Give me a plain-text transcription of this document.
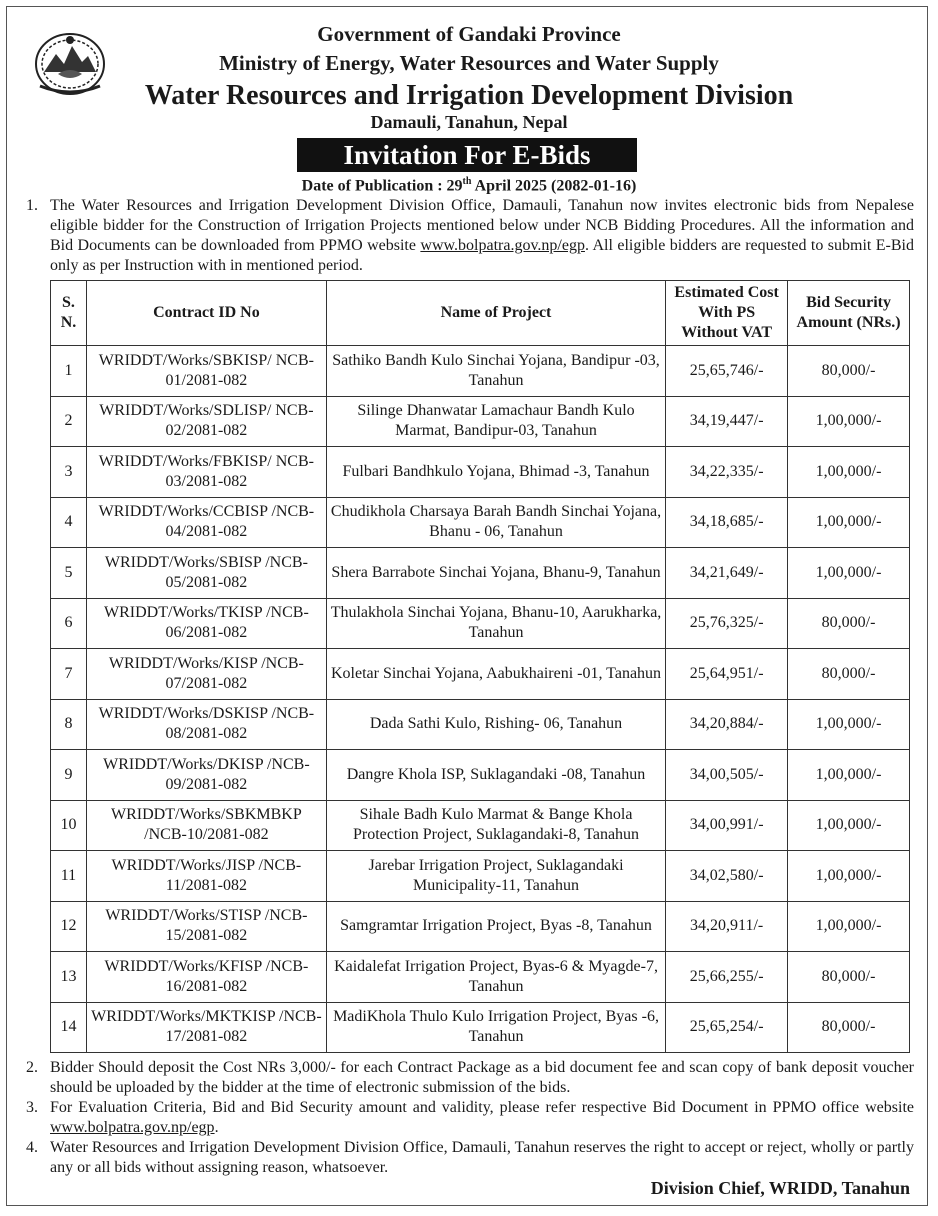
Government of Gandaki Province
Ministry of Energy, Water Resources and Water Supply
Water Resources and Irrigation Development Division
Damauli, Tanahun, Nepal
Invitation For E-Bids
Date of Publication : 29th April 2025 (2082-01-16)
1. The Water Resources and Irrigation Development Division Office, Damauli, Tanahun now invites electronic bids from Nepalese eligible bidder for the Construction of Irrigation Projects mentioned below under NCB Bidding Procedures. All the information and Bid Documents can be downloaded from PPMO website www.bolpatra.gov.np/egp. All eligible bidders are requested to submit E-Bid only as per Instruction with in mentioned period.
S. N.	Contract ID No	Name of Project	Estimated Cost With PS Without VAT	Bid Security Amount (NRs.)
1	WRIDDT/Works/SBKISP/ NCB-01/2081-082	Sathiko Bandh Kulo Sinchai Yojana, Bandipur -03, Tanahun	25,65,746/-	80,000/-
2	WRIDDT/Works/SDLISP/ NCB-02/2081-082	Silinge Dhanwatar Lamachaur Bandh Kulo Marmat, Bandipur-03, Tanahun	34,19,447/-	1,00,000/-
3	WRIDDT/Works/FBKISP/ NCB-03/2081-082	Fulbari Bandhkulo Yojana, Bhimad -3, Tanahun	34,22,335/-	1,00,000/-
4	WRIDDT/Works/CCBISP /NCB-04/2081-082	Chudikhola Charsaya Barah Bandh Sinchai Yojana, Bhanu - 06, Tanahun	34,18,685/-	1,00,000/-
5	WRIDDT/Works/SBISP /NCB-05/2081-082	Shera Barrabote Sinchai Yojana, Bhanu-9, Tanahun	34,21,649/-	1,00,000/-
6	WRIDDT/Works/TKISP /NCB-06/2081-082	Thulakhola Sinchai Yojana, Bhanu-10, Aarukharka, Tanahun	25,76,325/-	80,000/-
7	WRIDDT/Works/KISP /NCB-07/2081-082	Koletar Sinchai Yojana, Aabukhaireni -01, Tanahun	25,64,951/-	80,000/-
8	WRIDDT/Works/DSKISP /NCB-08/2081-082	Dada Sathi Kulo, Rishing- 06, Tanahun	34,20,884/-	1,00,000/-
9	WRIDDT/Works/DKISP /NCB-09/2081-082	Dangre Khola ISP, Suklagandaki -08, Tanahun	34,00,505/-	1,00,000/-
10	WRIDDT/Works/SBKMBKP /NCB-10/2081-082	Sihale Badh Kulo Marmat & Bange Khola Protection Project, Suklagandaki-8, Tanahun	34,00,991/-	1,00,000/-
11	WRIDDT/Works/JISP /NCB-11/2081-082	Jarebar Irrigation Project, Suklagandaki Municipality-11, Tanahun	34,02,580/-	1,00,000/-
12	WRIDDT/Works/STISP /NCB-15/2081-082	Samgramtar Irrigation Project, Byas -8, Tanahun	34,20,911/-	1,00,000/-
13	WRIDDT/Works/KFISP /NCB-16/2081-082	Kaidalefat Irrigation Project, Byas-6 & Myagde-7, Tanahun	25,66,255/-	80,000/-
14	WRIDDT/Works/MKTKISP /NCB-17/2081-082	MadiKhola Thulo Kulo Irrigation Project, Byas -6, Tanahun	25,65,254/-	80,000/-
2. Bidder Should deposit the Cost NRs 3,000/- for each Contract Package as a bid document fee and scan copy of bank deposit voucher should be uploaded by the bidder at the time of electronic submission of the bids.
3. For Evaluation Criteria, Bid and Bid Security amount and validity, please refer respective Bid Document in PPMO office website www.bolpatra.gov.np/egp.
4. Water Resources and Irrigation Development Division Office, Damauli, Tanahun reserves the right to accept or reject, wholly or partly any or all bids without assigning reason, whatsoever.
Division Chief, WRIDD, Tanahun
